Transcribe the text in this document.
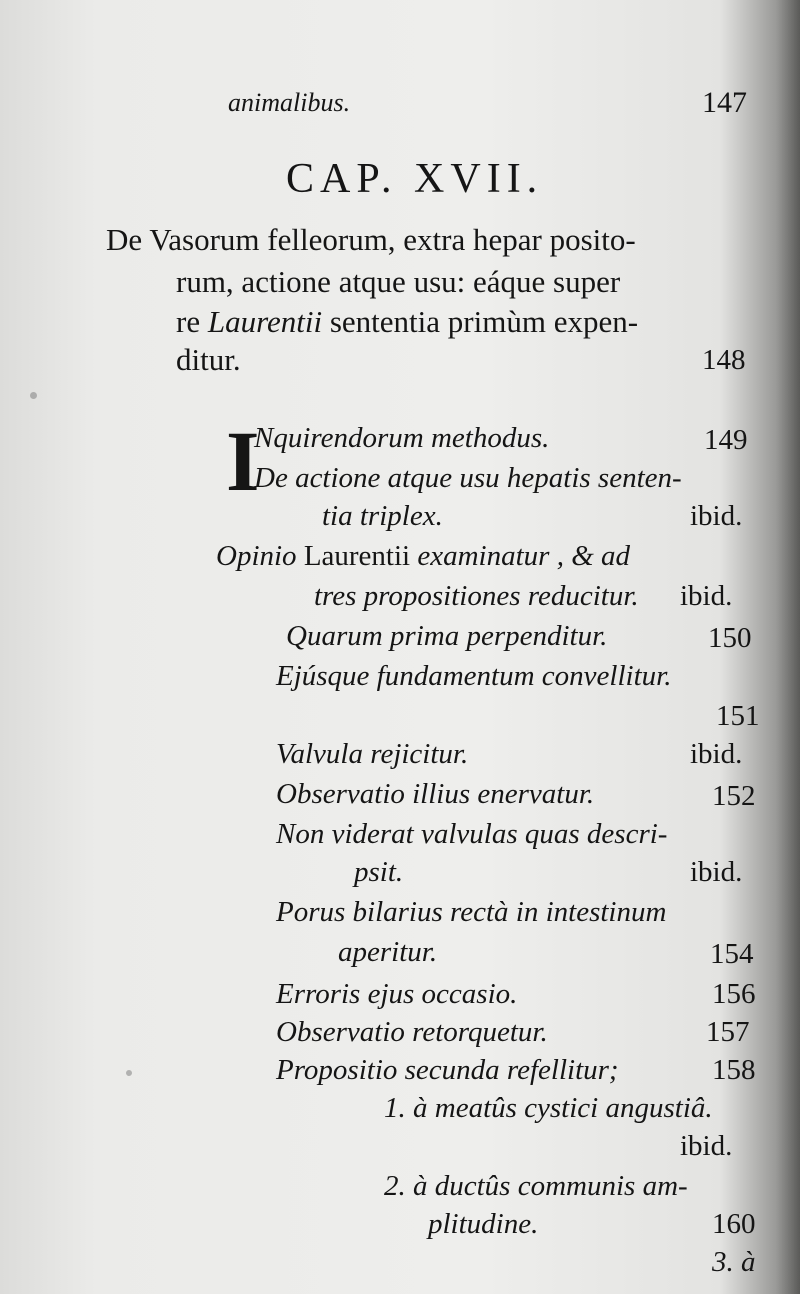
animalibus.	147
CAP. XVII.
De Vasorum felleorum, extra hepar posito-
rum, actione atque usu: eáque super
re Laurentii sententia primùm expen-
ditur.	148
I
Nquirendorum methodus.	149
De actione atque usu hepatis senten-
tia triplex.	ibid.
Opinio Laurentii examinatur , & ad
tres propositiones reducitur. ibid.
Quarum prima perpenditur.	150
Ejúsque fundamentum convellitur.
151
Valvula rejicitur.	ibid.
Observatio illius enervatur.	152
Non viderat valvulas quas descri-
psit.	ibid.
Porus bilarius rectà in intestinum
aperitur.	154
Erroris ejus occasio.	156
Observatio retorquetur.	157
Propositio secunda refellitur;	158
1. à meatûs cystici angustiâ.
ibid.
2. à ductûs communis am-
plitudine.	160
3. à
